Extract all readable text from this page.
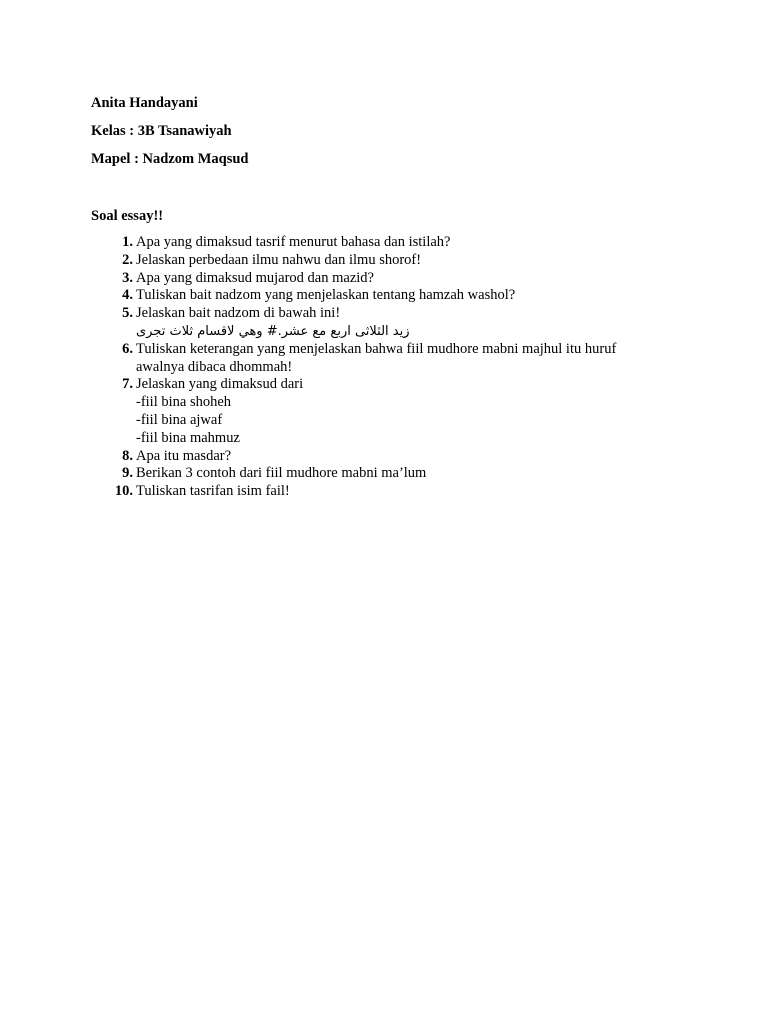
Anita Handayani
Kelas : 3B Tsanawiyah
Mapel : Nadzom Maqsud
Soal essay!!
1. Apa yang dimaksud tasrif menurut bahasa dan istilah?
2. Jelaskan perbedaan ilmu nahwu dan ilmu shorof!
3. Apa yang dimaksud mujarod dan mazid?
4. Tuliskan bait nadzom yang menjelaskan tentang hamzah washol?
5. Jelaskan bait nadzom di bawah ini!
زيد الثلاثى اربع مع عشر.# وهي لاقسام ثلاث تجرى
6. Tuliskan keterangan yang menjelaskan bahwa fiil mudhore mabni majhul itu huruf awalnya dibaca dhommah!
7. Jelaskan yang dimaksud dari
-fiil bina shoheh
-fiil bina ajwaf
-fiil bina mahmuz
8. Apa itu masdar?
9. Berikan 3 contoh dari fiil mudhore mabni ma’lum
10. Tuliskan tasrifan isim fail!
